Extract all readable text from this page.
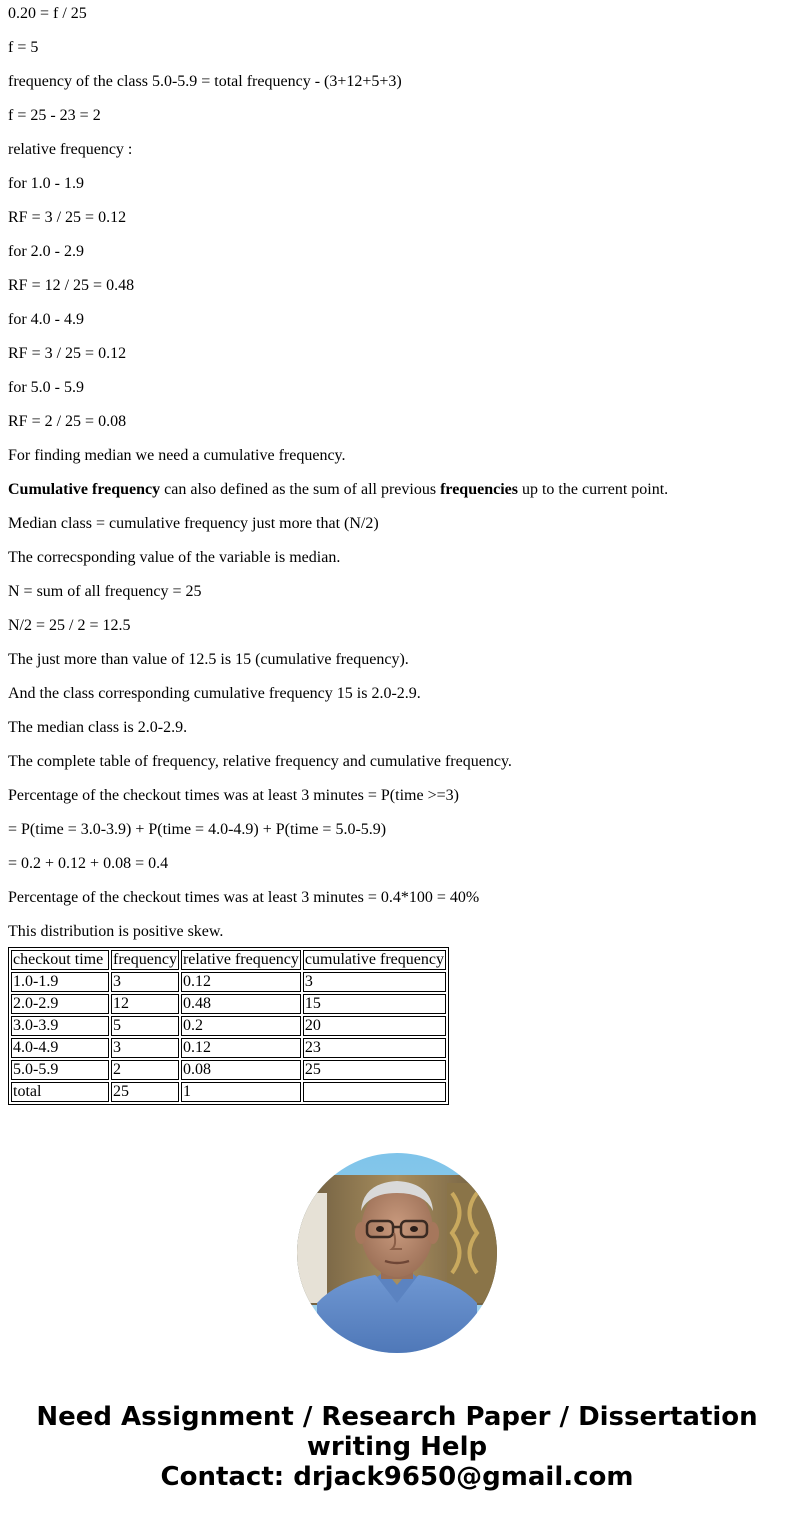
0.20 = f / 25

f = 5

frequency of the class 5.0-5.9 = total frequency - (3+12+5+3)

f = 25 - 23 = 2

relative frequency :

for 1.0 - 1.9

RF = 3 / 25 = 0.12

for 2.0 - 2.9

RF = 12 / 25 = 0.48

for 4.0 - 4.9

RF = 3 / 25 = 0.12

for 5.0 - 5.9

RF = 2 / 25 = 0.08

For finding median we need a cumulative frequency.

Cumulative frequency can also defined as the sum of all previous frequencies up to the current point.

Median class = cumulative frequency just more that (N/2)

The correcsponding value of the variable is median.

N = sum of all frequency = 25

N/2 = 25 / 2 = 12.5

The just more than value of 12.5 is 15 (cumulative frequency).

And the class corresponding cumulative frequency 15 is 2.0-2.9.

The median class is 2.0-2.9.

The complete table of frequency, relative frequency and cumulative frequency.

Percentage of the checkout times was at least 3 minutes = P(time >=3)

= P(time = 3.0-3.9) + P(time = 4.0-4.9) + P(time = 5.0-5.9)

= 0.2 + 0.12 + 0.08 = 0.4

Percentage of the checkout times was at least 3 minutes = 0.4*100 = 40%

This distribution is positive skew.

checkout time	frequency	relative frequency	cumulative frequency
1.0-1.9	3	0.12	3
2.0-2.9	12	0.48	15
3.0-3.9	5	0.2	20
4.0-4.9	3	0.12	23
5.0-5.9	2	0.08	25
total	25	1	
Need Assignment / Research Paper / Dissertation
writing Help
Contact: drjack9650@gmail.com
